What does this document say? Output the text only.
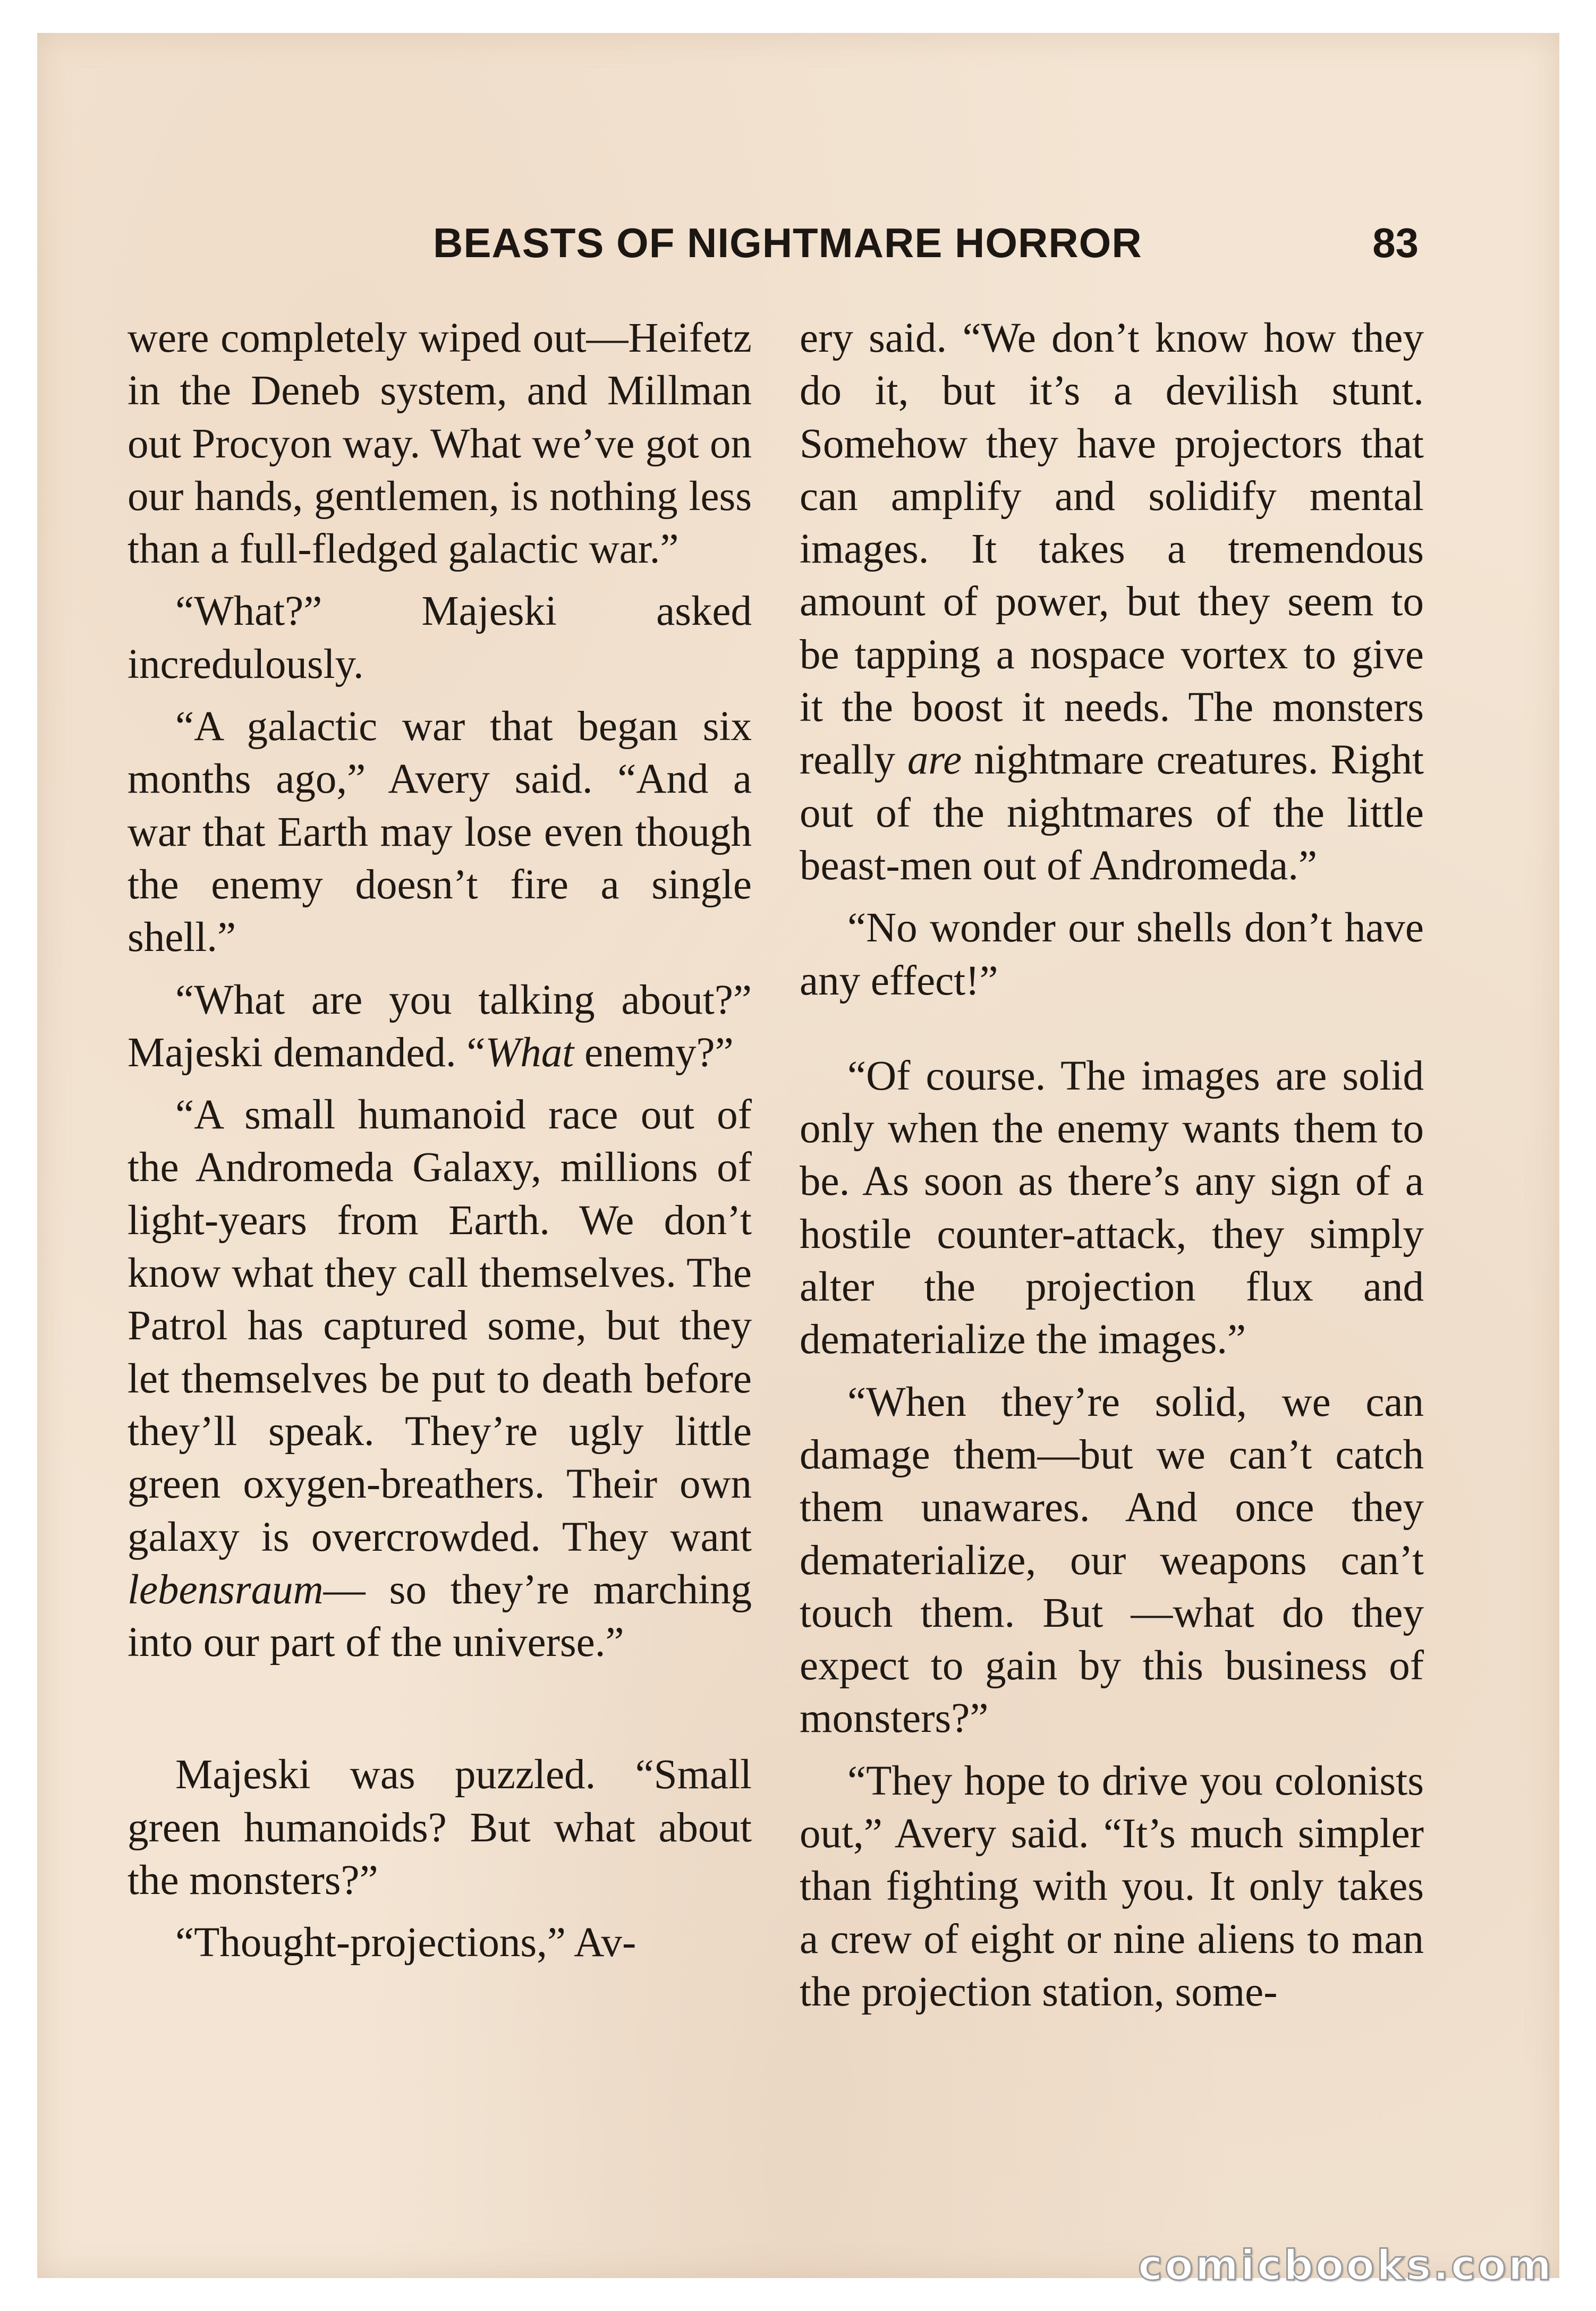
BEASTS OF NIGHTMARE HORROR	83

were completely wiped out—Heifetz in the Deneb system, and Millman out Procyon way. What we’ve got on our hands, gentlemen, is nothing less than a full-fledged galactic war.”

“What?” Majeski asked incredulously.

“A galactic war that began six months ago,” Avery said. “And a war that Earth may lose even though the enemy doesn’t fire a single shell.”

“What are you talking about?” Majeski demanded. “What enemy?”

“A small humanoid race out of the Andromeda Galaxy, millions of light-years from Earth. We don’t know what they call themselves. The Patrol has captured some, but they let themselves be put to death before they’ll speak. They’re ugly little green oxygen-breathers. Their own galaxy is overcrowded. They want lebensraum— so they’re marching into our part of the universe.”

Majeski was puzzled. “Small green humanoids? But what about the monsters?”

“Thought-projections,” Av-

ery said. “We don’t know how they do it, but it’s a devilish stunt. Somehow they have projectors that can amplify and solidify mental images. It takes a tremendous amount of power, but they seem to be tapping a nospace vortex to give it the boost it needs. The monsters really are nightmare creatures. Right out of the nightmares of the little beast-men out of Andromeda.”

“No wonder our shells don’t have any effect!”

“Of course. The images are solid only when the enemy wants them to be. As soon as there’s any sign of a hostile counter-attack, they simply alter the projection flux and dematerialize the images.”

“When they’re solid, we can damage them—but we can’t catch them unawares. And once they dematerialize, our weapons can’t touch them. But —what do they expect to gain by this business of monsters?”

“They hope to drive you colonists out,” Avery said. “It’s much simpler than fighting with you. It only takes a crew of eight or nine aliens to man the projection station, some-

comicbooks.com
